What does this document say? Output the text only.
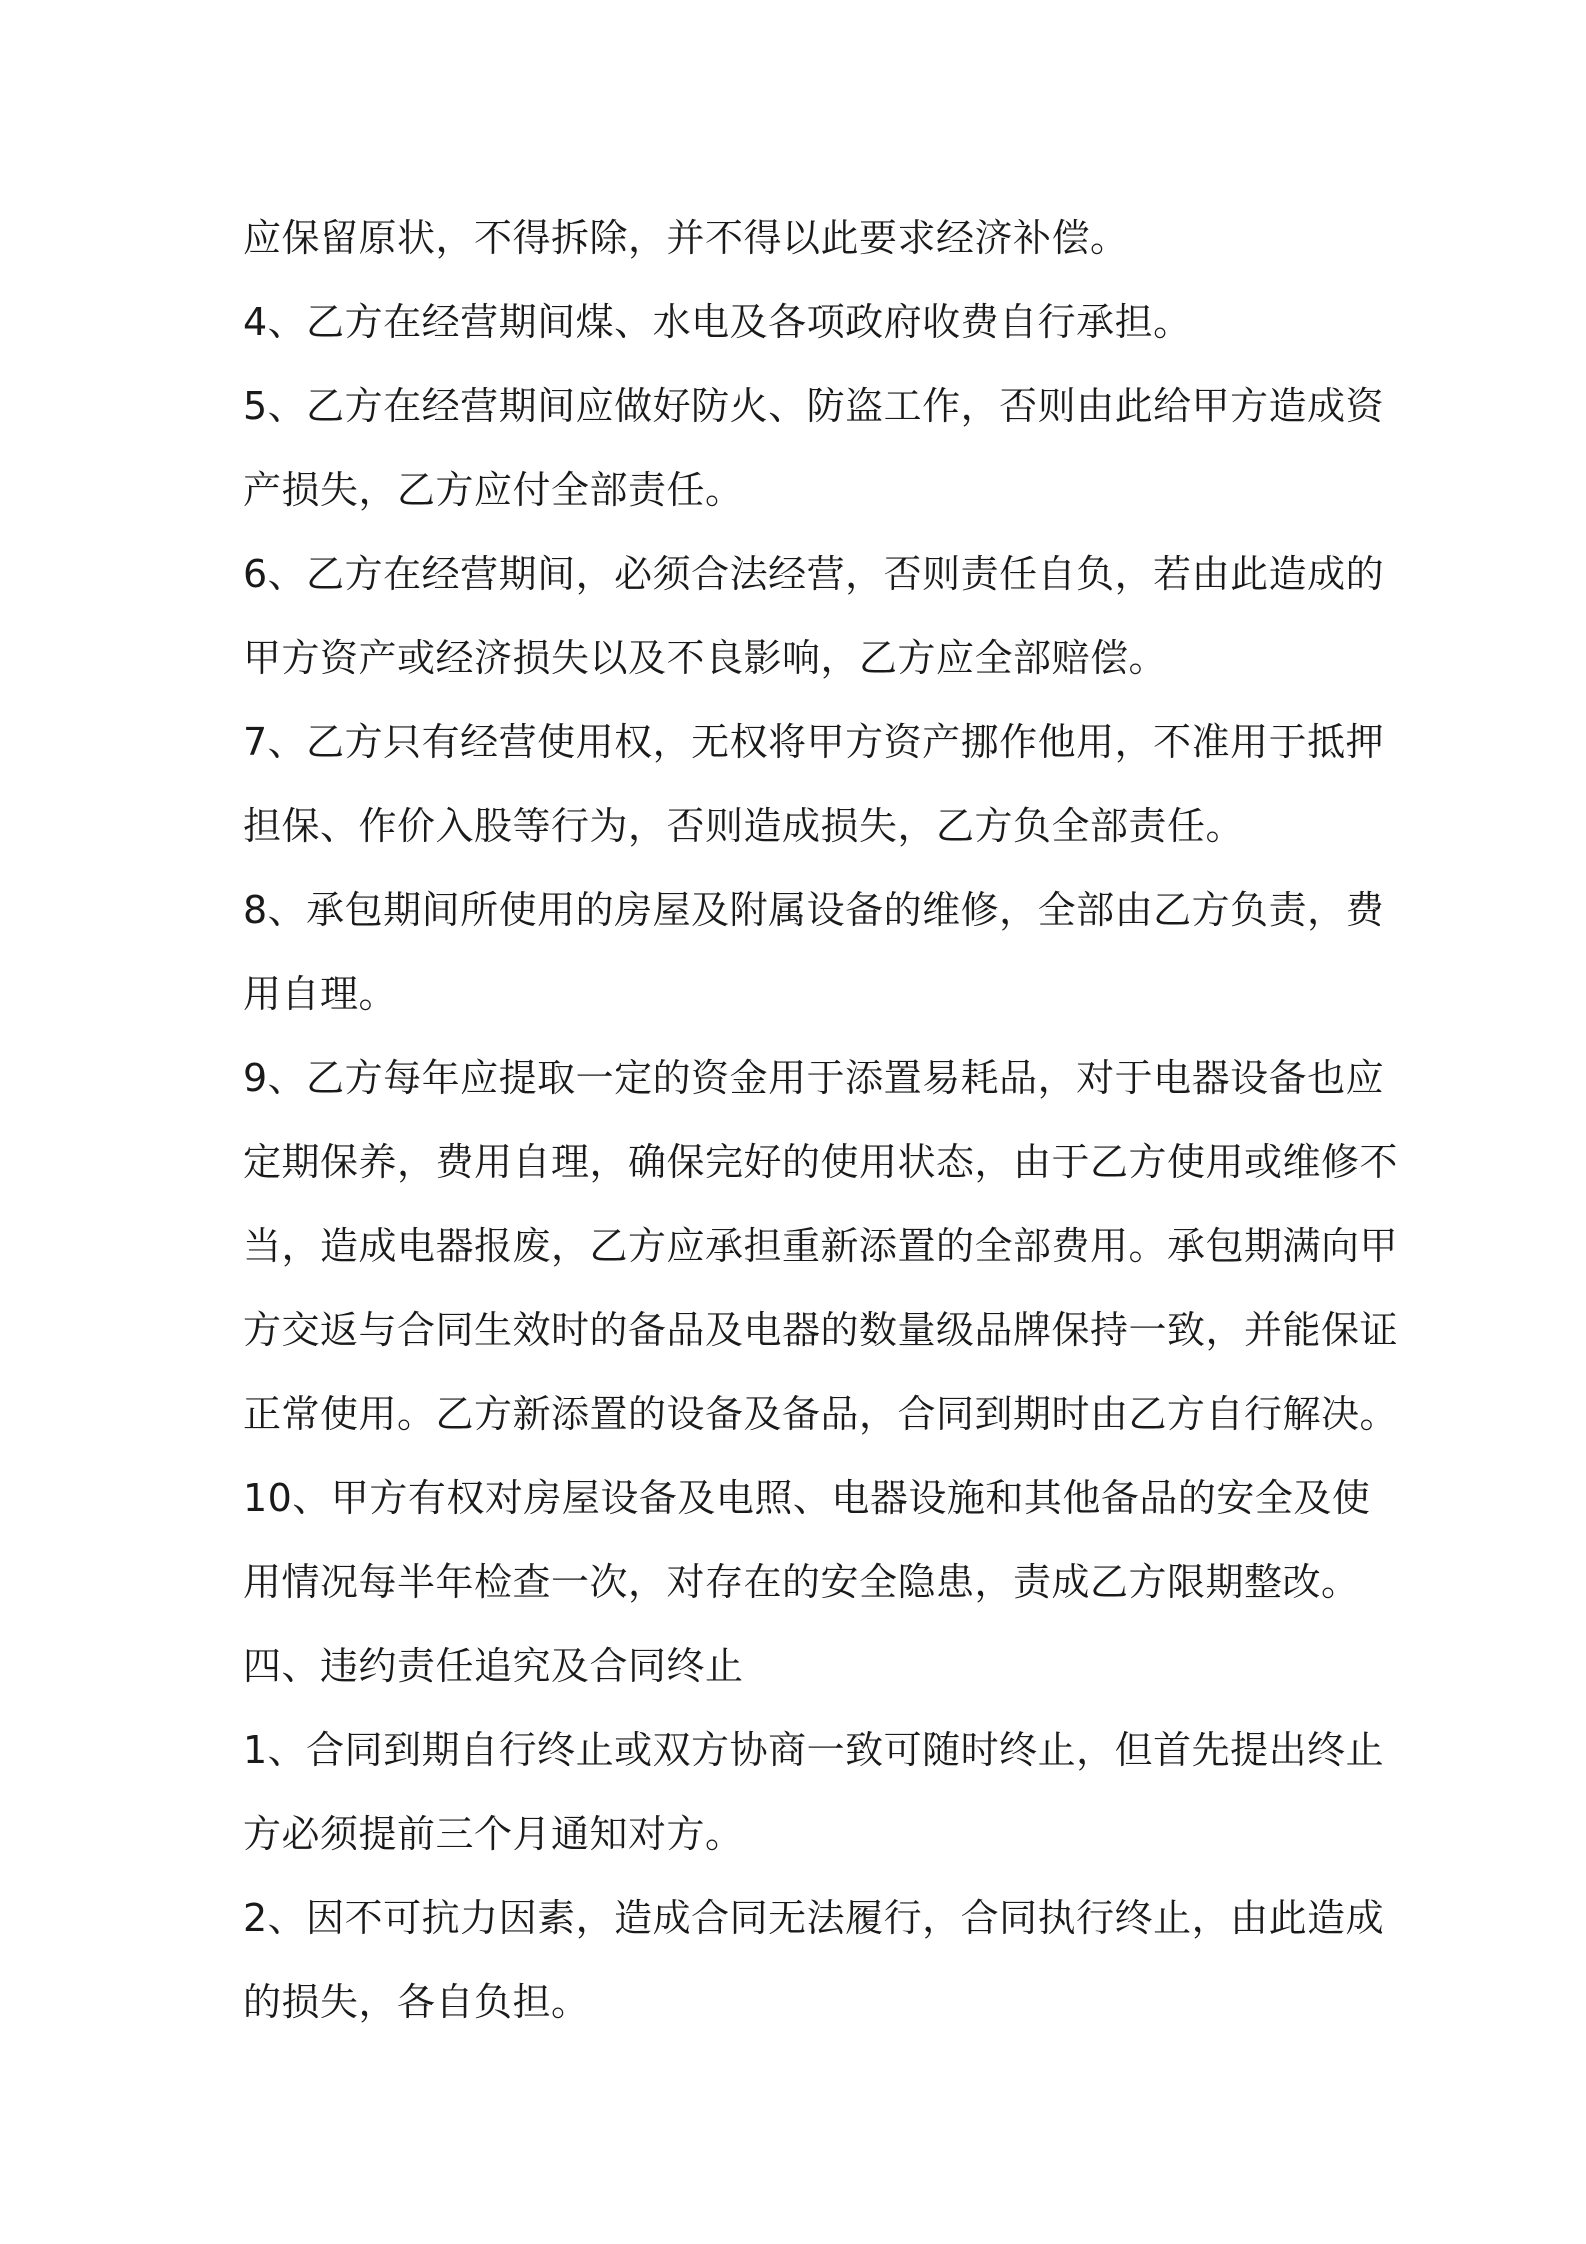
应保留原状，不得拆除，并不得以此要求经济补偿。
4、乙方在经营期间煤、水电及各项政府收费自行承担。
5、乙方在经营期间应做好防火、防盗工作，否则由此给甲方造成资
产损失，乙方应付全部责任。
6、乙方在经营期间，必须合法经营，否则责任自负，若由此造成的
甲方资产或经济损失以及不良影响，乙方应全部赔偿。
7、乙方只有经营使用权，无权将甲方资产挪作他用，不准用于抵押
担保、作价入股等行为，否则造成损失，乙方负全部责任。
8、承包期间所使用的房屋及附属设备的维修，全部由乙方负责，费
用自理。
9、乙方每年应提取一定的资金用于添置易耗品，对于电器设备也应
定期保养，费用自理，确保完好的使用状态，由于乙方使用或维修不
当，造成电器报废，乙方应承担重新添置的全部费用。承包期满向甲
方交返与合同生效时的备品及电器的数量级品牌保持一致，并能保证
正常使用。乙方新添置的设备及备品，合同到期时由乙方自行解决。
10、甲方有权对房屋设备及电照、电器设施和其他备品的安全及使
用情况每半年检查一次，对存在的安全隐患，责成乙方限期整改。
四、违约责任追究及合同终止
1、合同到期自行终止或双方协商一致可随时终止，但首先提出终止
方必须提前三个月通知对方。
2、因不可抗力因素，造成合同无法履行，合同执行终止，由此造成
的损失，各自负担。
